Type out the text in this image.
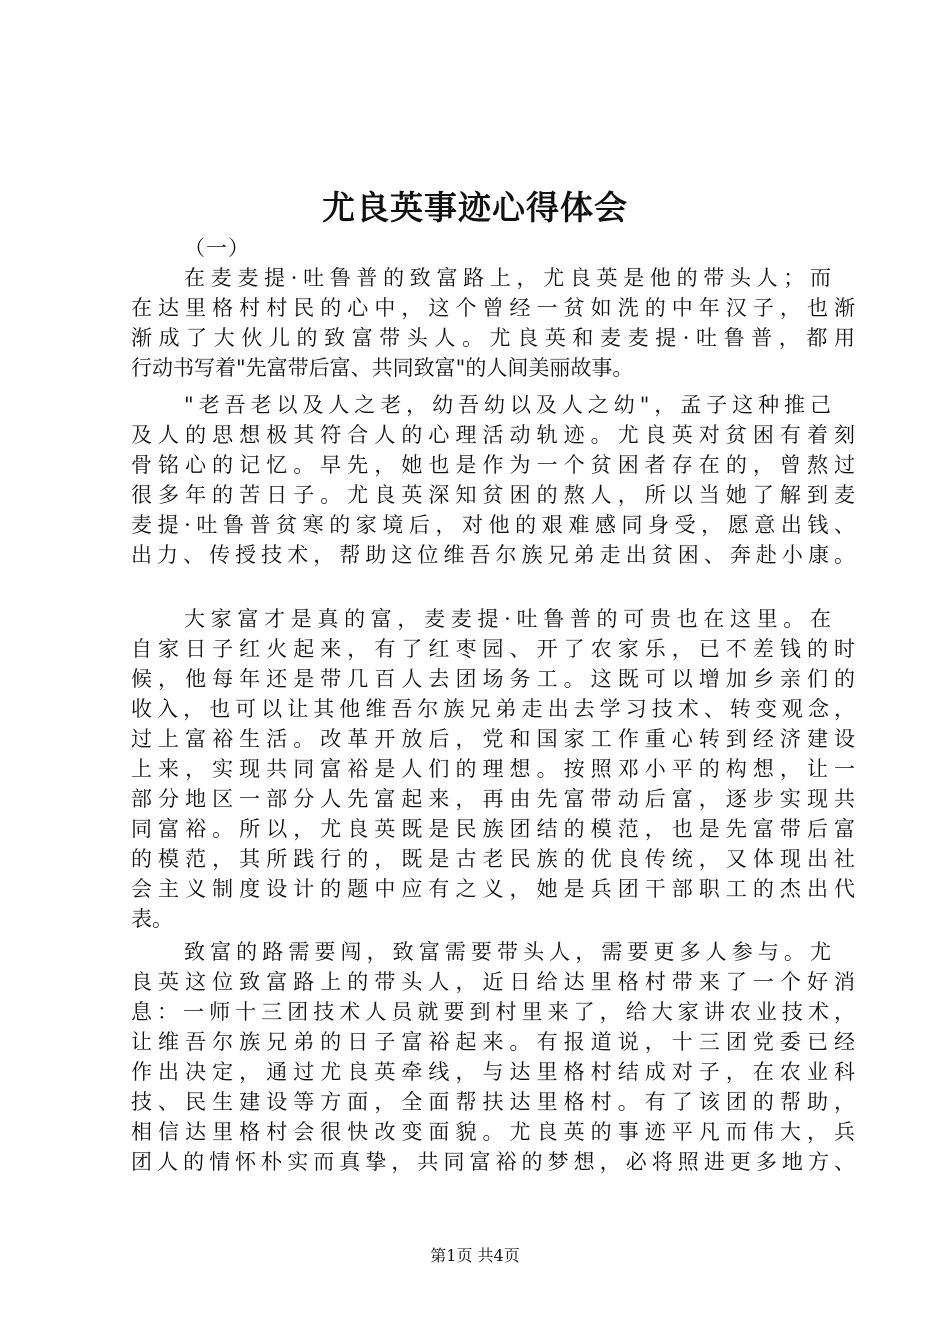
尤良英事迹心得体会
（一）
在麦麦提·吐鲁普的致富路上，尤良英是他的带头人；而
在达里格村村民的心中，这个曾经一贫如洗的中年汉子，也渐
渐成了大伙儿的致富带头人。尤良英和麦麦提·吐鲁普，都用
行动书写着"先富带后富、共同致富"的人间美丽故事。
"老吾老以及人之老，幼吾幼以及人之幼"，孟子这种推己
及人的思想极其符合人的心理活动轨迹。尤良英对贫困有着刻
骨铭心的记忆。早先，她也是作为一个贫困者存在的，曾熬过
很多年的苦日子。尤良英深知贫困的熬人，所以当她了解到麦
麦提·吐鲁普贫寒的家境后，对他的艰难感同身受，愿意出钱、
出力、传授技术，帮助这位维吾尔族兄弟走出贫困、奔赴小康。
大家富才是真的富，麦麦提·吐鲁普的可贵也在这里。在
自家日子红火起来，有了红枣园、开了农家乐，已不差钱的时
候，他每年还是带几百人去团场务工。这既可以增加乡亲们的
收入，也可以让其他维吾尔族兄弟走出去学习技术、转变观念，
过上富裕生活。改革开放后，党和国家工作重心转到经济建设
上来，实现共同富裕是人们的理想。按照邓小平的构想，让一
部分地区一部分人先富起来，再由先富带动后富，逐步实现共
同富裕。所以，尤良英既是民族团结的模范，也是先富带后富
的模范，其所践行的，既是古老民族的优良传统，又体现出社
会主义制度设计的题中应有之义，她是兵团干部职工的杰出代
表。
致富的路需要闯，致富需要带头人，需要更多人参与。尤
良英这位致富路上的带头人，近日给达里格村带来了一个好消
息：一师十三团技术人员就要到村里来了，给大家讲农业技术，
让维吾尔族兄弟的日子富裕起来。有报道说，十三团党委已经
作出决定，通过尤良英牵线，与达里格村结成对子，在农业科
技、民生建设等方面，全面帮扶达里格村。有了该团的帮助，
相信达里格村会很快改变面貌。尤良英的事迹平凡而伟大，兵
团人的情怀朴实而真挚，共同富裕的梦想，必将照进更多地方、
第1页 共4页
